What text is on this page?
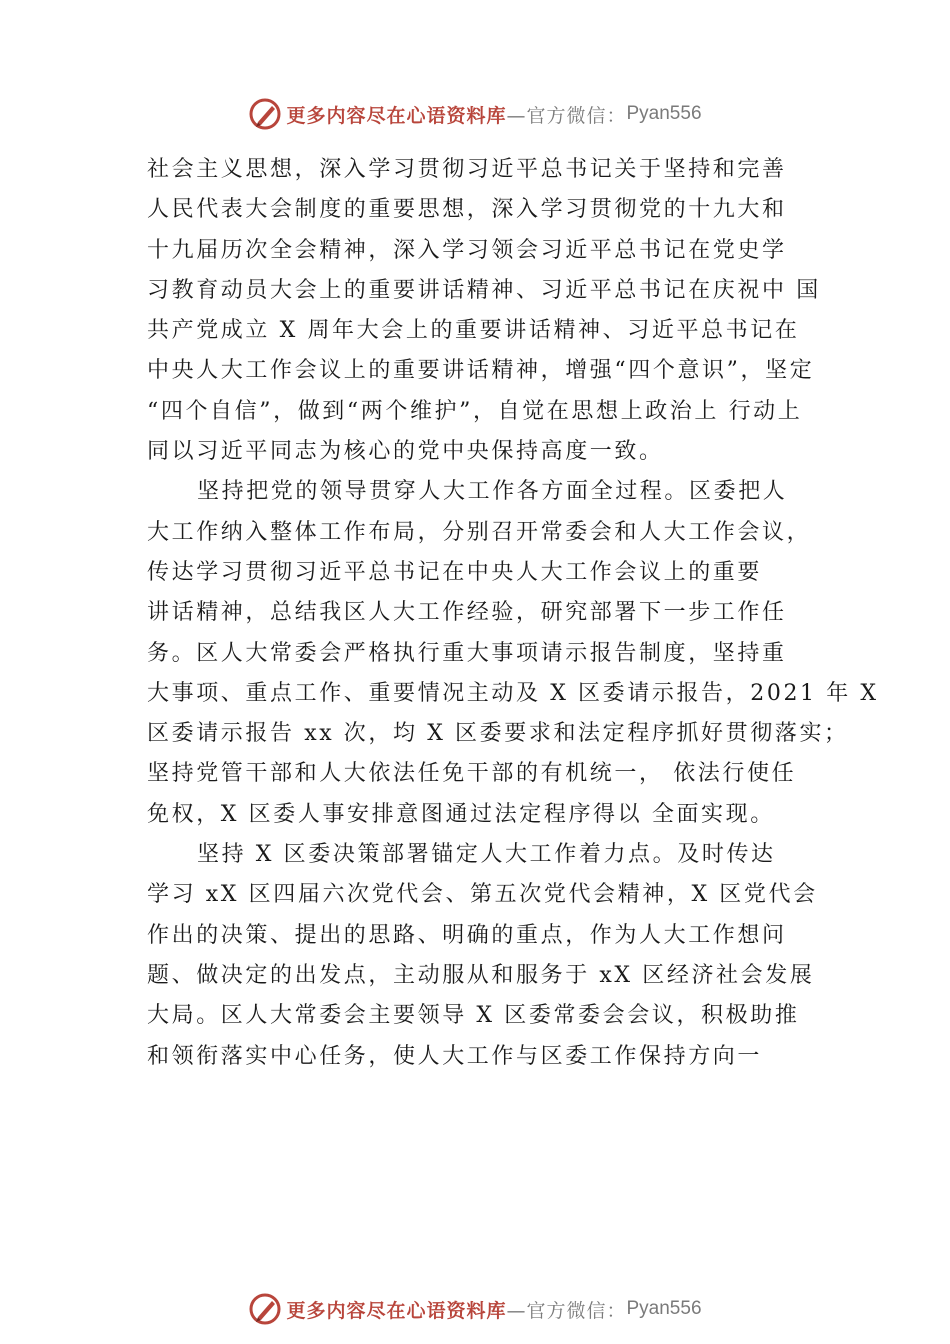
更多内容尽在心语资料库 —官方微信： Pyan556
社会主义思想，深入学习贯彻习近平总书记关于坚持和完善
人民代表大会制度的重要思想，深入学习贯彻党的十九大和
十九届历次全会精神，深入学习领会习近平总书记在党史学
习教育动员大会上的重要讲话精神、习近平总书记在庆祝中 国
共产党成立 X 周年大会上的重要讲话精神、习近平总书记在
中央人大工作会议上的重要讲话精神，增强“四个意识”，坚定
“四个自信”，做到“两个维护”，自觉在思想上政治上 行动上
同以习近平同志为核心的党中央保持高度一致。
坚持把党的领导贯穿人大工作各方面全过程。区委把人
大工作纳入整体工作布局，分别召开常委会和人大工作会议，
传达学习贯彻习近平总书记在中央人大工作会议上的重要
讲话精神，总结我区人大工作经验，研究部署下一步工作任
务。区人大常委会严格执行重大事项请示报告制度，坚持重
大事项、重点工作、重要情况主动及 X 区委请示报告，2021 年 X
区委请示报告 xx 次，均 X 区委要求和法定程序抓好贯彻落实；
坚持党管干部和人大依法任免干部的有机统一， 依法行使任
免权，X 区委人事安排意图通过法定程序得以 全面实现。
坚持 X 区委决策部署锚定人大工作着力点。及时传达
学习 xX 区四届六次党代会、第五次党代会精神，X 区党代会
作出的决策、提出的思路、明确的重点，作为人大工作想问
题、做决定的出发点，主动服从和服务于 xX 区经济社会发展
大局。区人大常委会主要领导 X 区委常委会会议，积极助推
和领衔落实中心任务，使人大工作与区委工作保持方向一
更多内容尽在心语资料库 —官方微信： Pyan556
